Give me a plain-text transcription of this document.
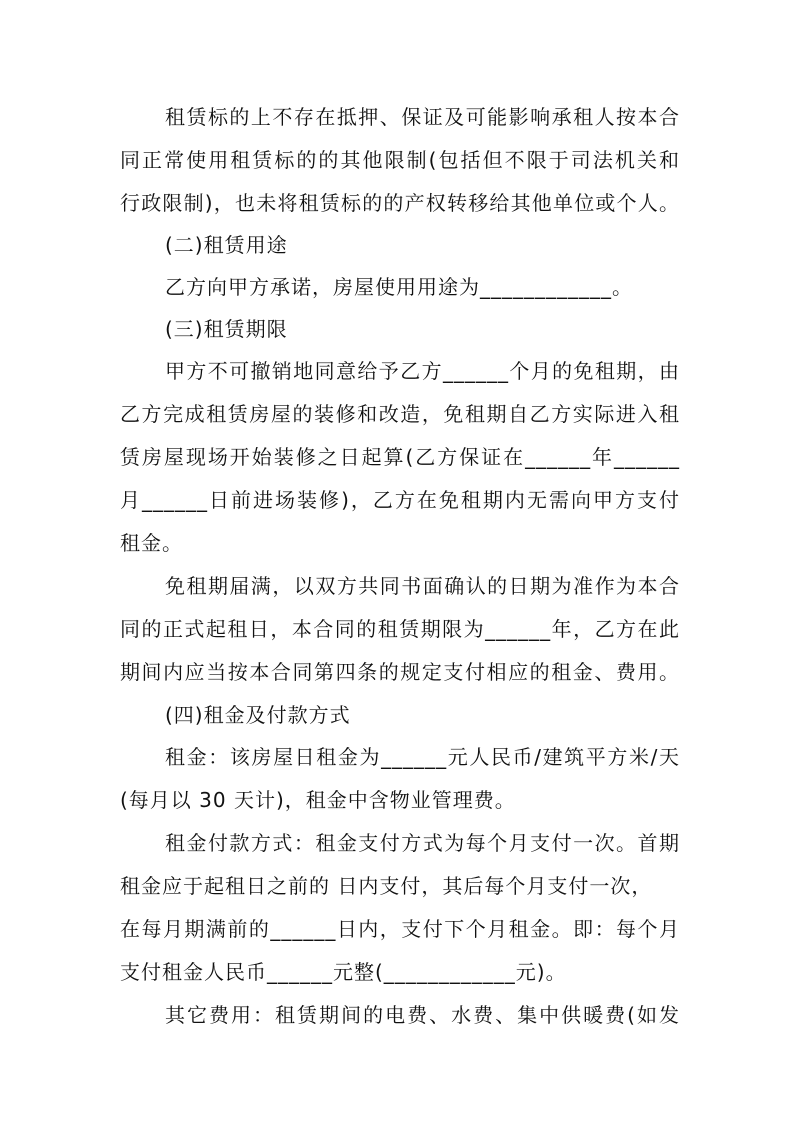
租赁标的上不存在抵押、保证及可能影响承租人按本合
同正常使用租赁标的的其他限制(包括但不限于司法机关和
行政限制)，也未将租赁标的的产权转移给其他单位或个人。
(二)租赁用途
乙方向甲方承诺，房屋使用用途为____________。
(三)租赁期限
甲方不可撤销地同意给予乙方______个月的免租期，由
乙方完成租赁房屋的装修和改造，免租期自乙方实际进入租
赁房屋现场开始装修之日起算(乙方保证在______年______
月______日前进场装修)，乙方在免租期内无需向甲方支付
租金。
免租期届满，以双方共同书面确认的日期为准作为本合
同的正式起租日，本合同的租赁期限为______年，乙方在此
期间内应当按本合同第四条的规定支付相应的租金、费用。
(四)租金及付款方式
租金：该房屋日租金为______元人民币/建筑平方米/天
(每月以 30 天计)，租金中含物业管理费。
租金付款方式：租金支付方式为每个月支付一次。首期
租金应于起租日之前的 日内支付，其后每个月支付一次，
在每月期满前的______日内，支付下个月租金。即：每个月
支付租金人民币______元整(____________元)。
其它费用：租赁期间的电费、水费、集中供暖费(如发
